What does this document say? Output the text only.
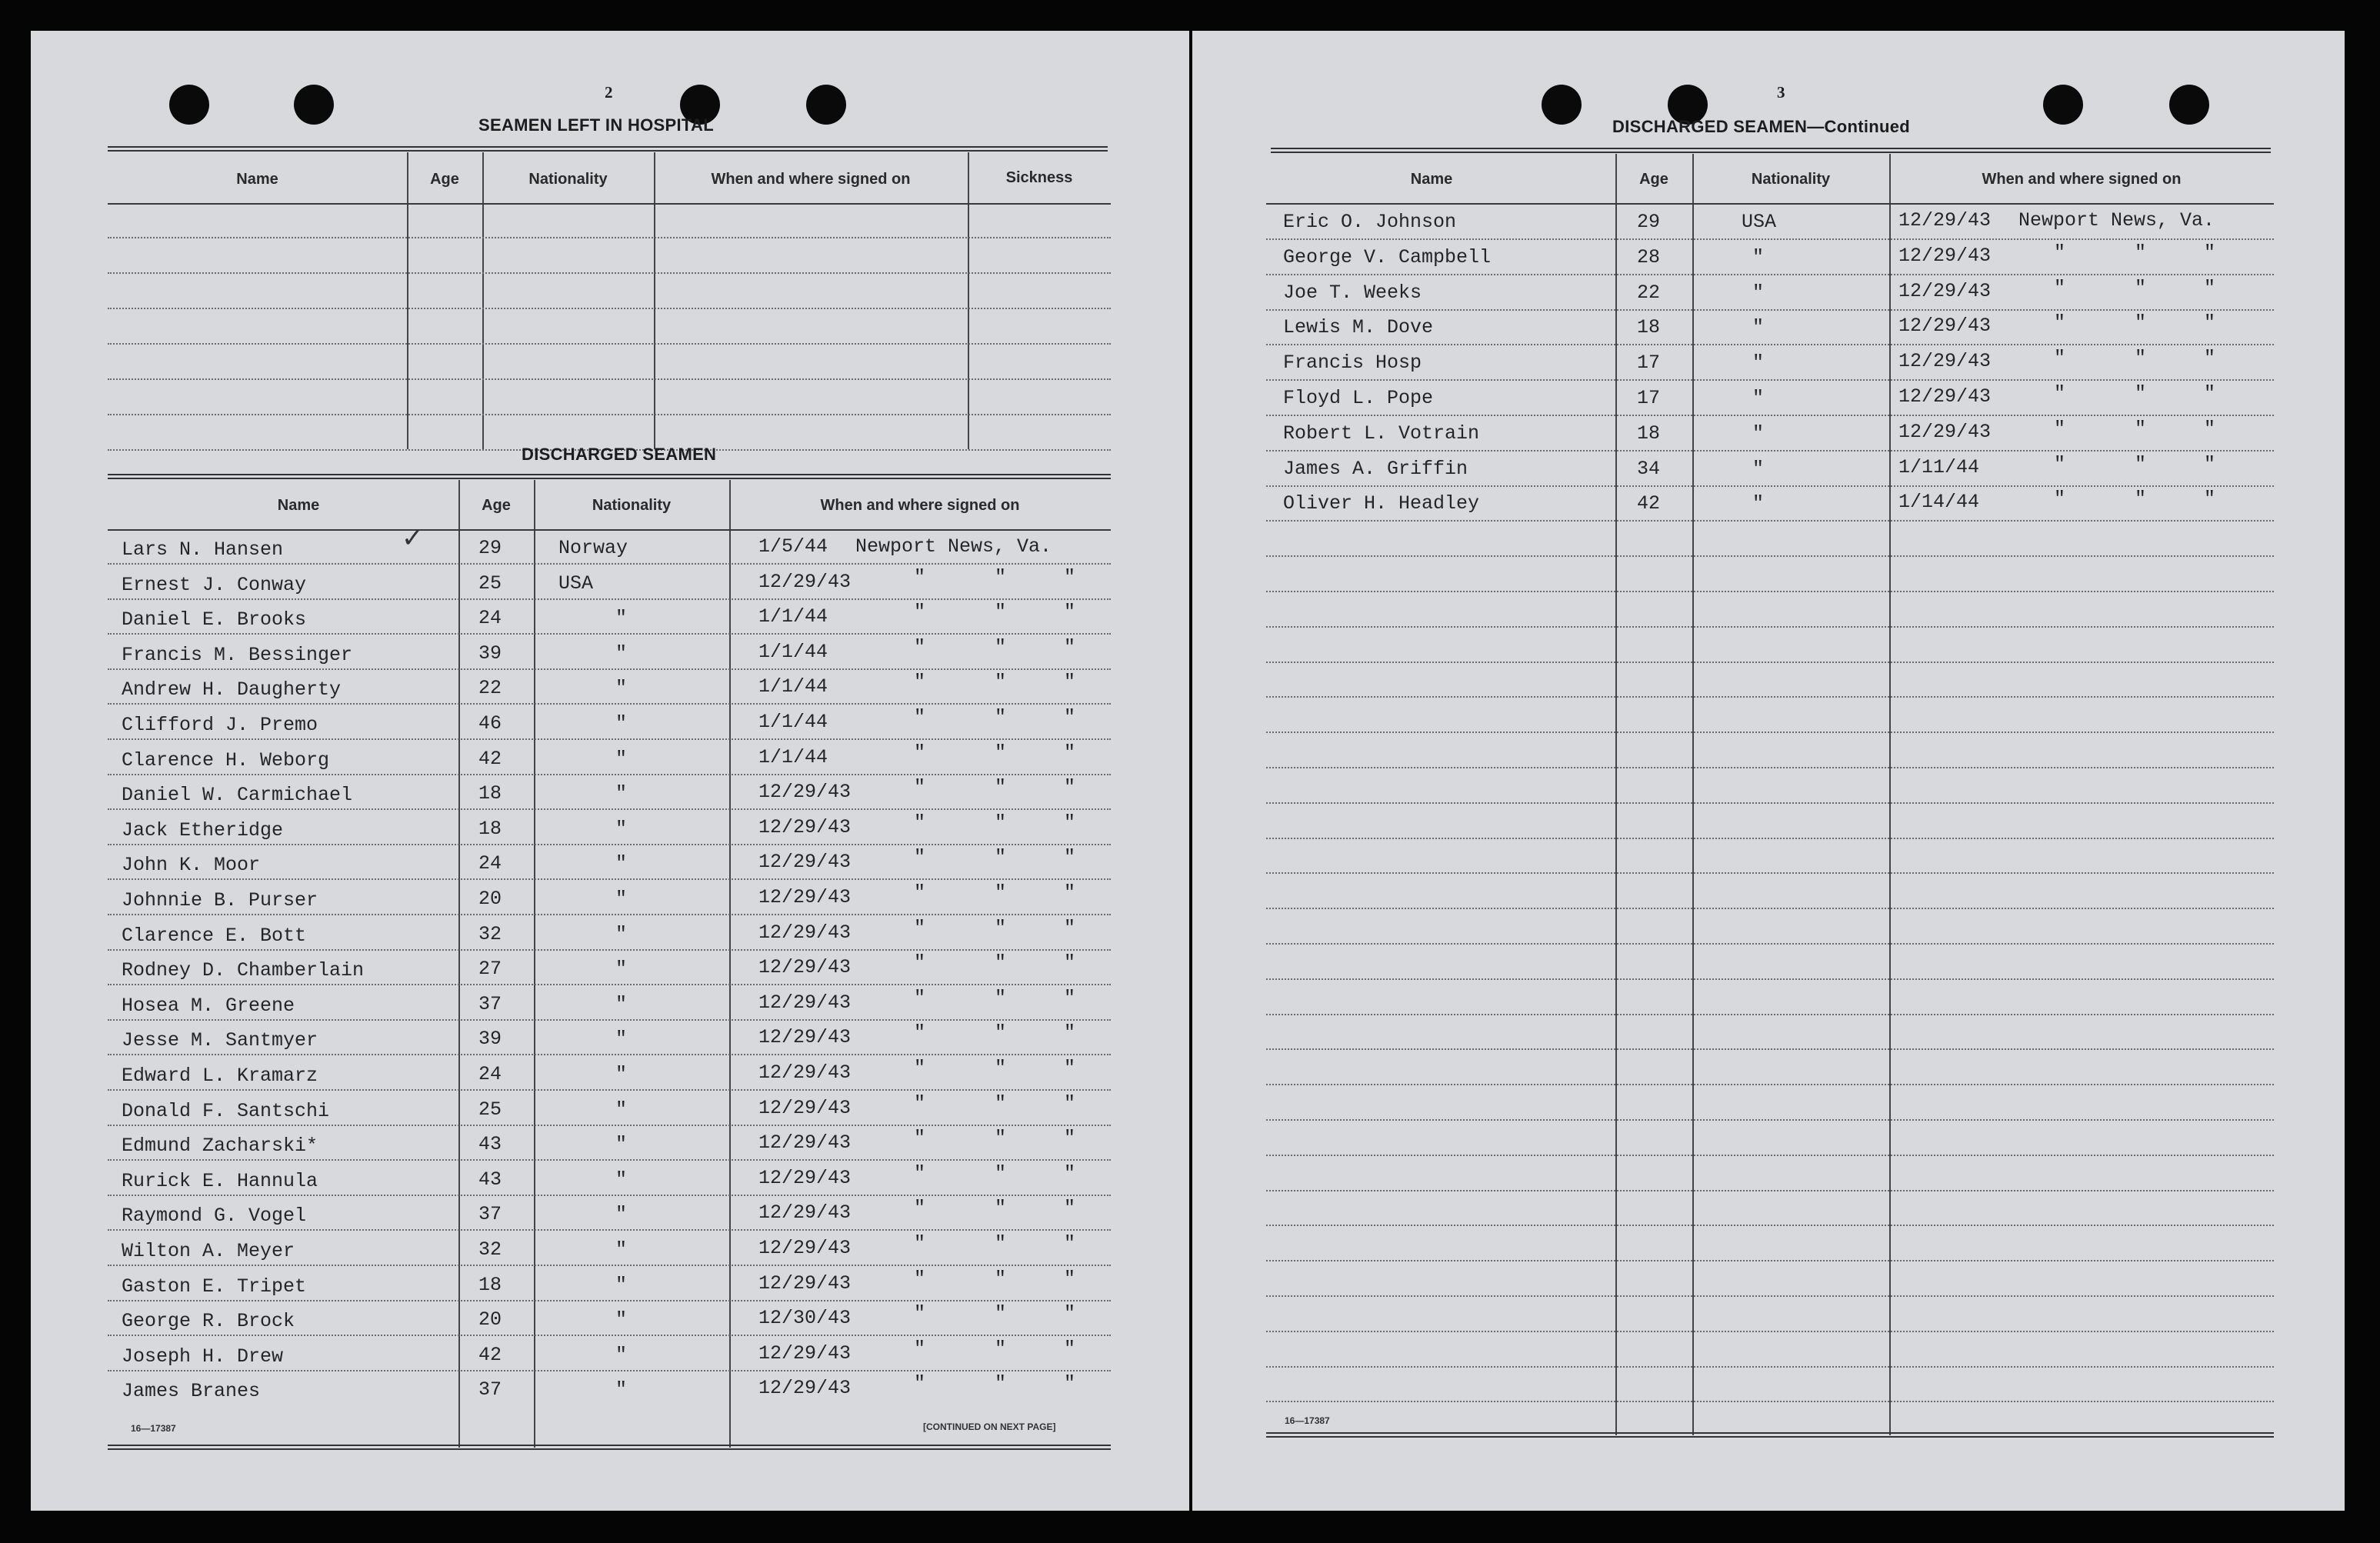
2
SEAMEN LEFT IN HOSPITAL
Name	Age	Nationality	When and where signed on	Sickness
DISCHARGED SEAMEN
Name	Age	Nationality	When and where signed on
✓
Lars N. Hansen	29	Norway	1/5/44 Newport News, Va.
Ernest J. Conway	25	USA	12/29/43	"      "     "
Daniel E. Brooks	24	"	1/1/44	"      "     "
Francis M. Bessinger	39	"	1/1/44	"      "     "
Andrew H. Daugherty	22	"	1/1/44	"      "     "
Clifford J. Premo	46	"	1/1/44	"      "     "
Clarence H. Weborg	42	"	1/1/44	"      "     "
Daniel W. Carmichael	18	"	12/29/43	"      "     "
Jack Etheridge	18	"	12/29/43	"      "     "
John K. Moor	24	"	12/29/43	"      "     "
Johnnie B. Purser	20	"	12/29/43	"      "     "
Clarence E. Bott	32	"	12/29/43	"      "     "
Rodney D. Chamberlain	27	"	12/29/43	"      "     "
Hosea M. Greene	37	"	12/29/43	"      "     "
Jesse M. Santmyer	39	"	12/29/43	"      "     "
Edward L. Kramarz	24	"	12/29/43	"      "     "
Donald F. Santschi	25	"	12/29/43	"      "     "
Edmund Zacharski*	43	"	12/29/43	"      "     "
Rurick E. Hannula	43	"	12/29/43	"      "     "
Raymond G. Vogel	37	"	12/29/43	"      "     "
Wilton A. Meyer	32	"	12/29/43	"      "     "
Gaston E. Tripet	18	"	12/29/43	"      "     "
George R. Brock	20	"	12/30/43	"      "     "
Joseph H. Drew	42	"	12/29/43	"      "     "
James Branes	37	"	12/29/43	"      "     "
16—17387	[CONTINUED ON NEXT PAGE]
3
DISCHARGED SEAMEN—Continued
Name	Age	Nationality	When and where signed on
Eric O. Johnson	29	USA	12/29/43 Newport News, Va.
George V. Campbell	28	"	12/29/43	"      "     "
Joe T. Weeks	22	"	12/29/43	"      "     "
Lewis M. Dove	18	"	12/29/43	"      "     "
Francis Hosp	17	"	12/29/43	"      "     "
Floyd L. Pope	17	"	12/29/43	"      "     "
Robert L. Votrain	18	"	12/29/43	"      "     "
James A. Griffin	34	"	1/11/44	"      "     "
Oliver H. Headley	42	"	1/14/44	"      "     "
16—17387
